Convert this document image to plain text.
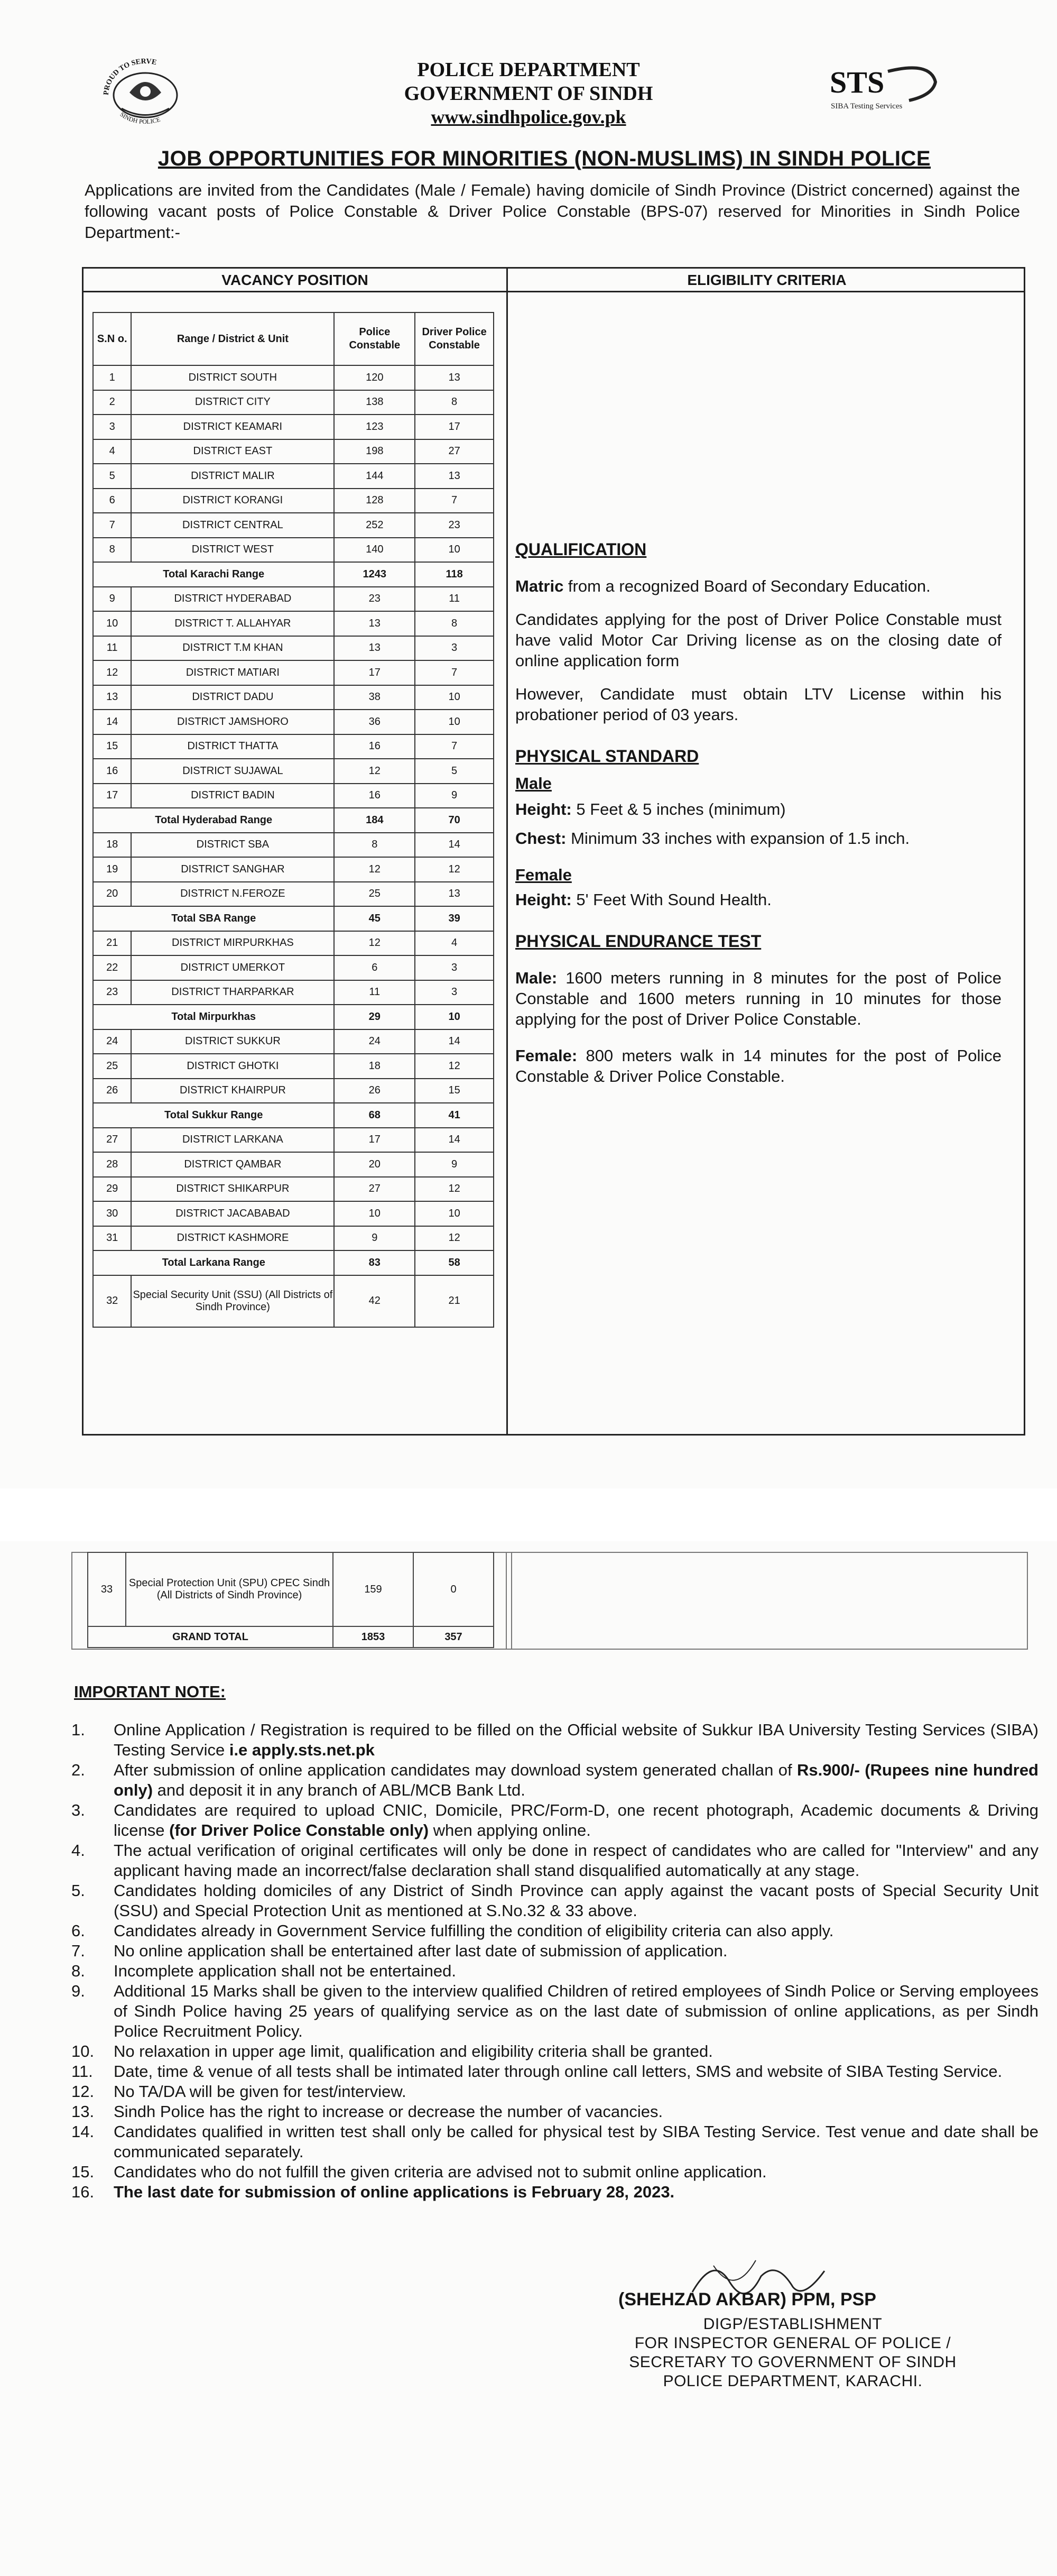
PROUD TO SERVE
SINDH POLICE
POLICE DEPARTMENT
GOVERNMENT OF SINDH
www.sindhpolice.gov.pk
STS
SIBA Testing Services
JOB OPPORTUNITIES FOR MINORITIES (NON-MUSLIMS) IN SINDH POLICE
Applications are invited from the Candidates (Male / Female) having domicile of Sindh Province (District concerned) against the following vacant posts of Police Constable & Driver Police Constable (BPS-07) reserved for Minorities in Sindh Police Department:-
VACANCY POSITION	ELIGIBILITY CRITERIA
S.N o.	Range / District & Unit	Police Constable	Driver Police Constable
1	DISTRICT SOUTH	120	13
2	DISTRICT CITY	138	8
3	DISTRICT KEAMARI	123	17
4	DISTRICT EAST	198	27
5	DISTRICT MALIR	144	13
6	DISTRICT KORANGI	128	7
7	DISTRICT CENTRAL	252	23
8	DISTRICT WEST	140	10
Total Karachi Range		1243	118
9	DISTRICT HYDERABAD	23	11
10	DISTRICT T. ALLAHYAR	13	8
11	DISTRICT T.M KHAN	13	3
12	DISTRICT MATIARI	17	7
13	DISTRICT DADU	38	10
14	DISTRICT JAMSHORO	36	10
15	DISTRICT THATTA	16	7
16	DISTRICT SUJAWAL	12	5
17	DISTRICT BADIN	16	9
Total Hyderabad Range		184	70
18	DISTRICT SBA	8	14
19	DISTRICT SANGHAR	12	12
20	DISTRICT N.FEROZE	25	13
Total SBA Range		45	39
21	DISTRICT MIRPURKHAS	12	4
22	DISTRICT UMERKOT	6	3
23	DISTRICT THARPARKAR	11	3
Total Mirpurkhas		29	10
24	DISTRICT SUKKUR	24	14
25	DISTRICT GHOTKI	18	12
26	DISTRICT KHAIRPUR	26	15
Total Sukkur Range		68	41
27	DISTRICT LARKANA	17	14
28	DISTRICT QAMBAR	20	9
29	DISTRICT SHIKARPUR	27	12
30	DISTRICT JACABABAD	10	10
31	DISTRICT KASHMORE	9	12
Total Larkana Range		83	58
32	Special Security Unit (SSU) (All Districts of Sindh Province)	42	21

QUALIFICATION

Matric from a recognized Board of Secondary Education.

Candidates applying for the post of Driver Police Constable must have valid Motor Car Driving license as on the closing date of online application form

However, Candidate must obtain LTV License within his probationer period of 03 years.

PHYSICAL STANDARD

Male

Height: 5 Feet & 5 inches (minimum)

Chest: Minimum 33 inches with expansion of 1.5 inch.

Female

Height: 5' Feet With Sound Health.

PHYSICAL ENDURANCE TEST

Male: 1600 meters running in 8 minutes for the post of Police Constable and 1600 meters running in 10 minutes for those applying for the post of Driver Police Constable.

Female: 800 meters walk in 14 minutes for the post of Police Constable & Driver Police Constable.

33	Special Protection Unit (SPU) CPEC Sindh (All Districts of Sindh Province)	159	0
GRAND TOTAL		1853	357
IMPORTANT NOTE:
1.	Online Application / Registration is required to be filled on the Official website of Sukkur IBA University Testing Services (SIBA) Testing Service i.e apply.sts.net.pk
2.	After submission of online application candidates may download system generated challan of Rs.900/- (Rupees nine hundred only) and deposit it in any branch of ABL/MCB Bank Ltd.
3.	Candidates are required to upload CNIC, Domicile, PRC/Form-D, one recent photograph, Academic documents & Driving license (for Driver Police Constable only) when applying online.
4.	The actual verification of original certificates will only be done in respect of candidates who are called for "Interview" and any applicant having made an incorrect/false declaration shall stand disqualified automatically at any stage.
5.	Candidates holding domiciles of any District of Sindh Province can apply against the vacant posts of Special Security Unit (SSU) and Special Protection Unit as mentioned at S.No.32 & 33 above.
6.	Candidates already in Government Service fulfilling the condition of eligibility criteria can also apply.
7.	No online application shall be entertained after last date of submission of application.
8.	Incomplete application shall not be entertained.
9.	Additional 15 Marks shall be given to the interview qualified Children of retired employees of Sindh Police or Serving employees of Sindh Police having 25 years of qualifying service as on the last date of submission of online applications, as per Sindh Police Recruitment Policy.
10.	No relaxation in upper age limit, qualification and eligibility criteria shall be granted.
11.	Date, time & venue of all tests shall be intimated later through online call letters, SMS and website of SIBA Testing Service.
12.	No TA/DA will be given for test/interview.
13.	Sindh Police has the right to increase or decrease the number of vacancies.
14.	Candidates qualified in written test shall only be called for physical test by SIBA Testing Service. Test venue and date shall be communicated separately.
15.	Candidates who do not fulfill the given criteria are advised not to submit online application.
16.	The last date for submission of online applications is February 28, 2023.
(SHEHZAD AKBAR) PPM, PSP
DIGP/ESTABLISHMENT
FOR INSPECTOR GENERAL OF POLICE /
SECRETARY TO GOVERNMENT OF SINDH
POLICE DEPARTMENT, KARACHI.
